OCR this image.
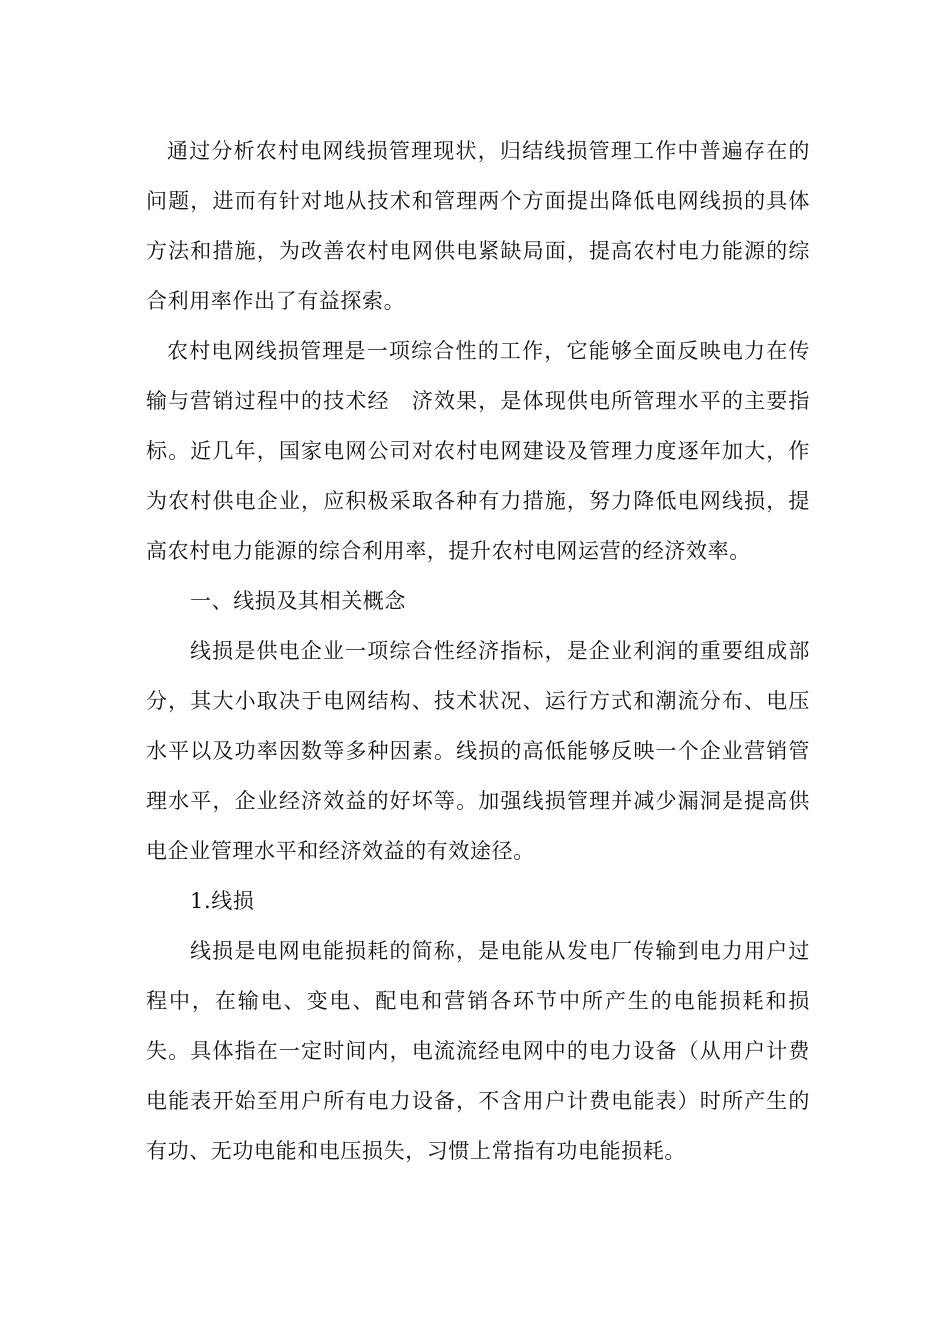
通过分析农村电网线损管理现状，归结线损管理工作中普遍存在的问题，进而有针对地从技术和管理两个方面提出降低电网线损的具体方法和措施，为改善农村电网供电紧缺局面，提高农村电力能源的综合利用率作出了有益探索。

农村电网线损管理是一项综合性的工作，它能够全面反映电力在传输与营销过程中的技术经　济效果，是体现供电所管理水平的主要指标。近几年，国家电网公司对农村电网建设及管理力度逐年加大，作为农村供电企业，应积极采取各种有力措施，努力降低电网线损，提高农村电力能源的综合利用率，提升农村电网运营的经济效率。

一、线损及其相关概念

线损是供电企业一项综合性经济指标，是企业利润的重要组成部分，其大小取决于电网结构、技术状况、运行方式和潮流分布、电压水平以及功率因数等多种因素。线损的高低能够反映一个企业营销管理水平，企业经济效益的好坏等。加强线损管理并减少漏洞是提高供电企业管理水平和经济效益的有效途径。

1.线损

线损是电网电能损耗的简称，是电能从发电厂传输到电力用户过程中，在输电、变电、配电和营销各环节中所产生的电能损耗和损失。具体指在一定时间内，电流流经电网中的电力设备（从用户计费电能表开始至用户所有电力设备，不含用户计费电能表）时所产生的有功、无功电能和电压损失，习惯上常指有功电能损耗。
